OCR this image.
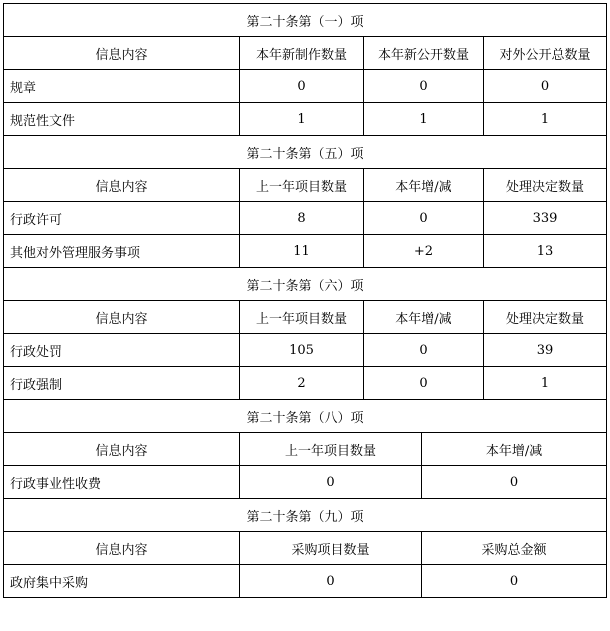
第二十条第（一）项				
信息内容	本年新制作数量	本年新公开数量		对外公开总数量
规章	0	0		0
规范性文件	1	1		1
第二十条第（五）项				
信息内容	上一年项目数量	本年增/减		处理决定数量
行政许可	8	0		339
其他对外管理服务事项	11	+2		13
第二十条第（六）项				
信息内容	上一年项目数量	本年增/减		处理决定数量
行政处罚	105	0		39
行政强制	2	0		1
第二十条第（八）项				
信息内容	上一年项目数量		本年增/减	
行政事业性收费	0		0	
第二十条第（九）项				
信息内容	采购项目数量		采购总金额	
政府集中采购	0		0	
